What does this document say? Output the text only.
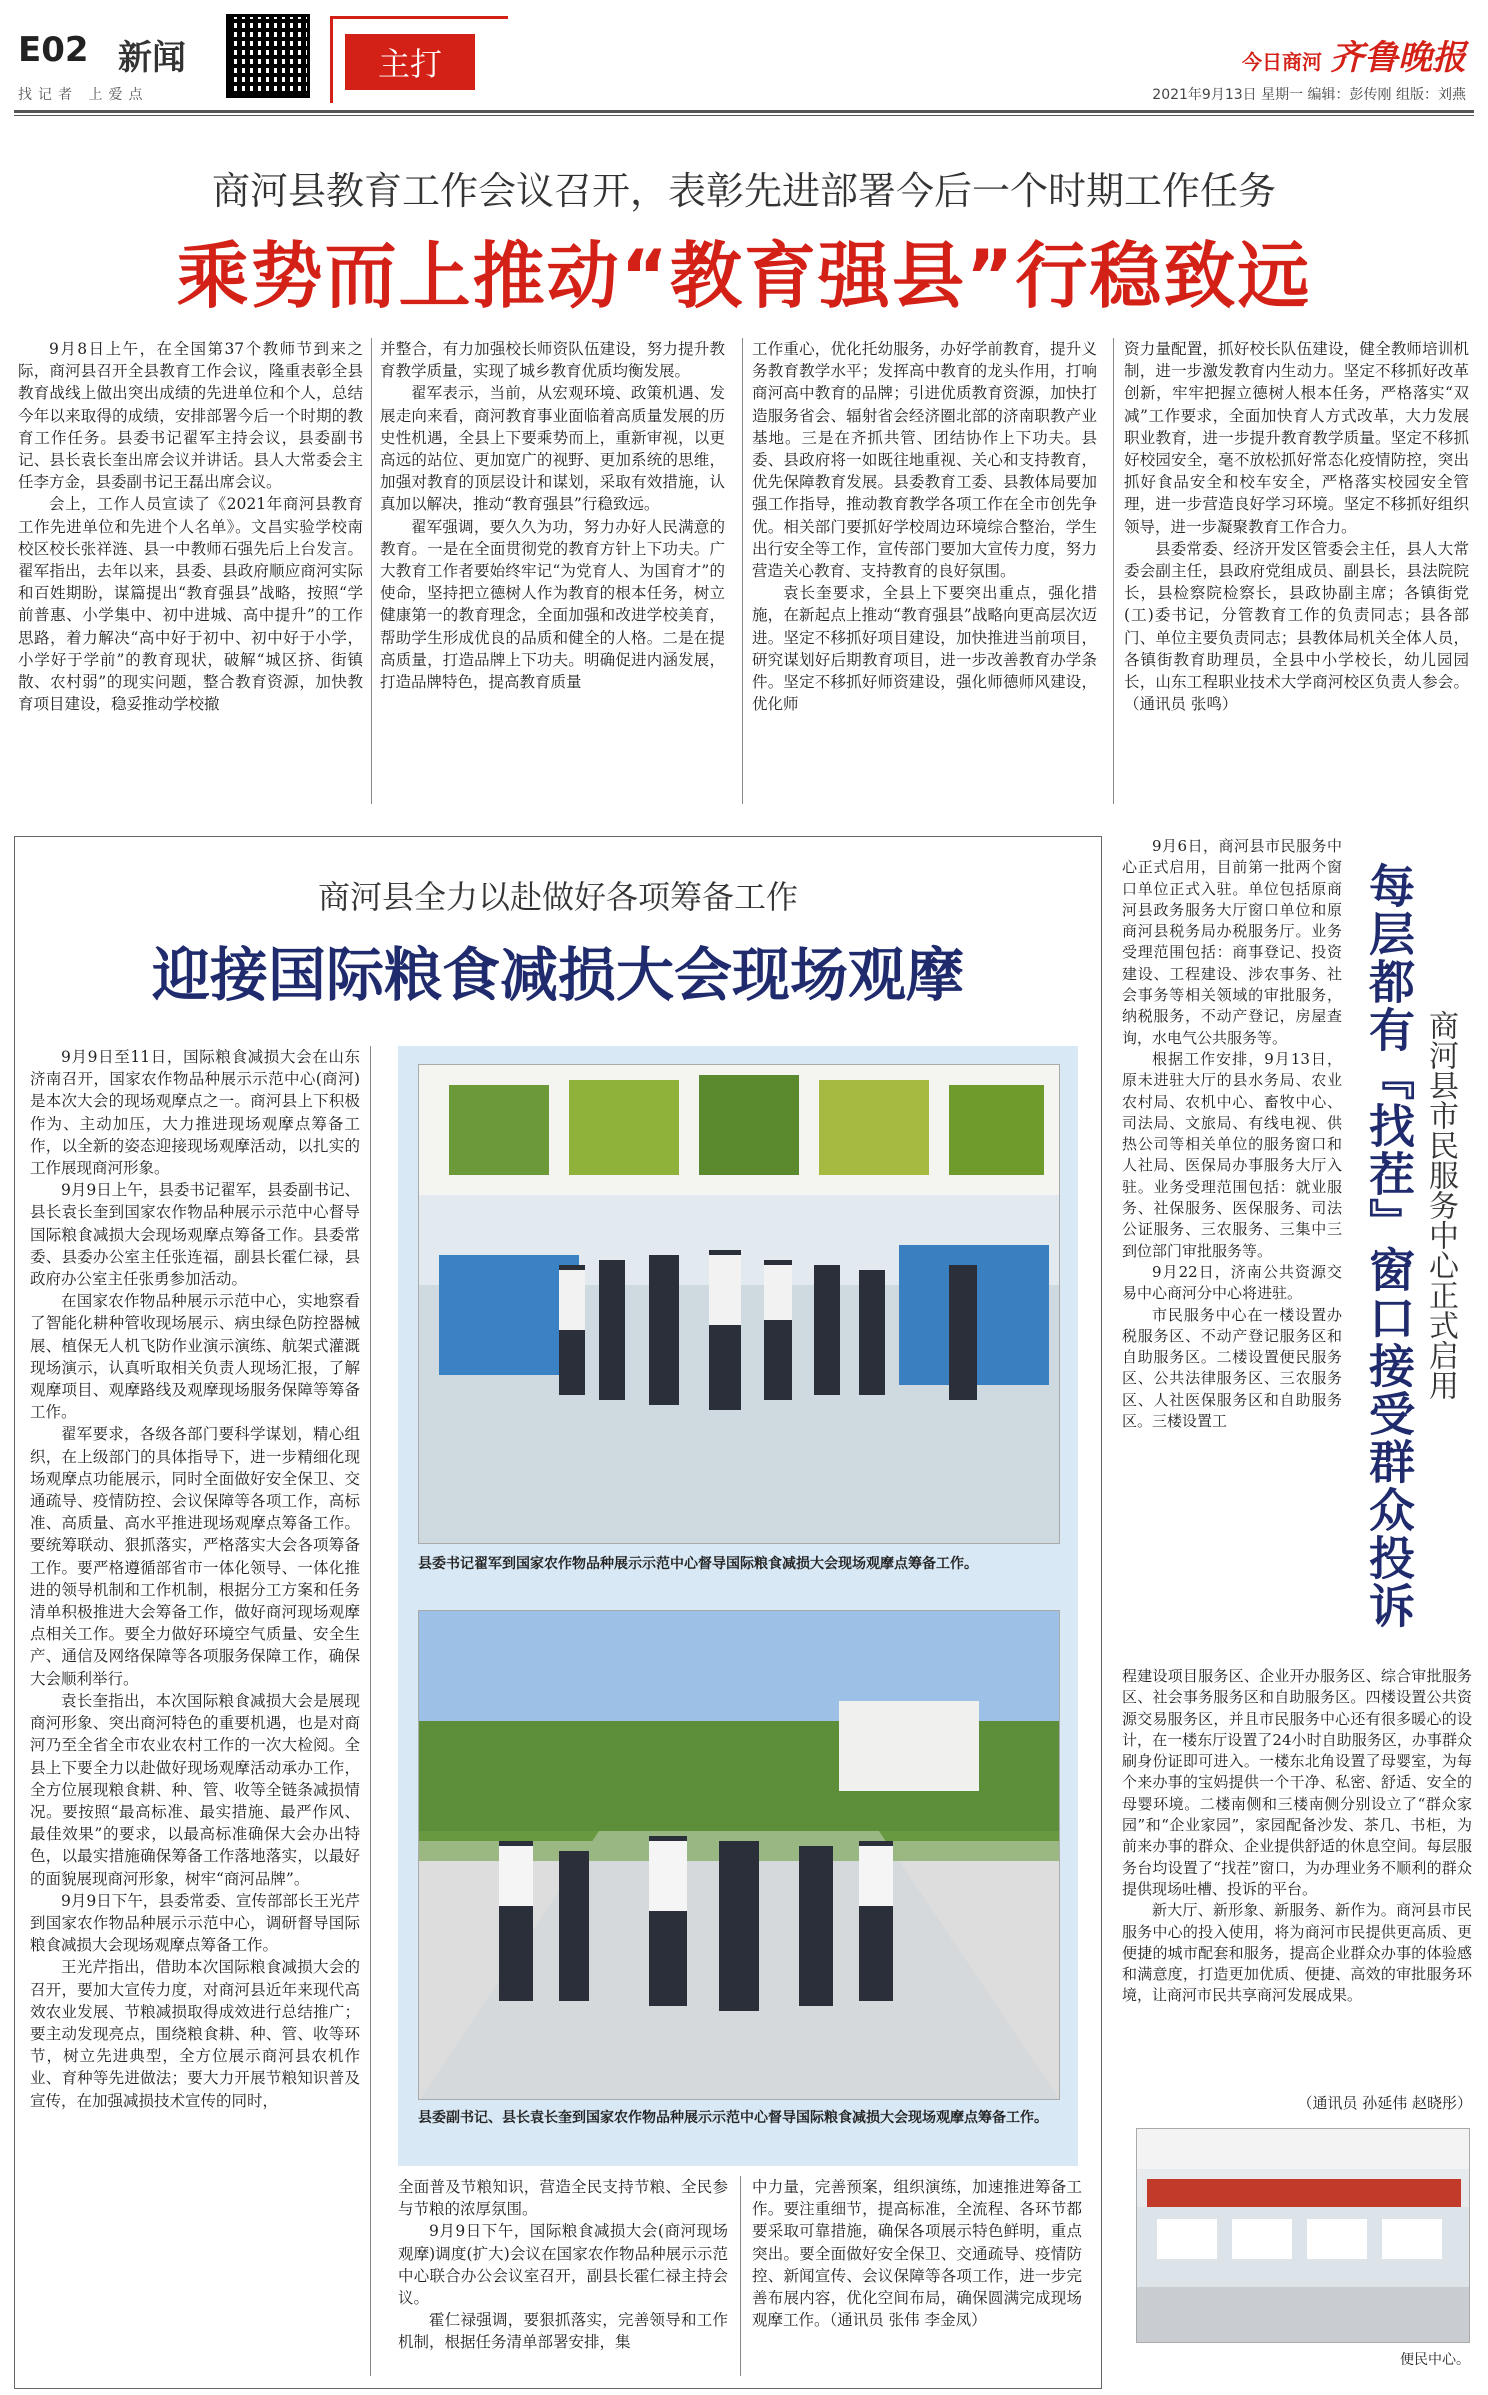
E02 新闻
找记者 上爱点
主打	今日商河 齐鲁晚报
2021年9月13日 星期一 编辑：彭传刚 组版：刘燕
商河县教育工作会议召开，表彰先进部署今后一个时期工作任务
乘势而上推动“教育强县”行稳致远

9月8日上午，在全国第37个教师节到来之际，商河县召开全县教育工作会议，隆重表彰全县教育战线上做出突出成绩的先进单位和个人，总结今年以来取得的成绩，安排部署今后一个时期的教育工作任务。县委书记翟军主持会议，县委副书记、县长袁长奎出席会议并讲话。县人大常委会主任李方金，县委副书记王磊出席会议。

会上，工作人员宣读了《2021年商河县教育工作先进单位和先进个人名单》。文昌实验学校南校区校长张祥涟、县一中教师石强先后上台发言。翟军指出，去年以来，县委、县政府顺应商河实际和百姓期盼，谋篇提出“教育强县”战略，按照“学前普惠、小学集中、初中进城、高中提升”的工作思路，着力解决“高中好于初中、初中好于小学，小学好于学前”的教育现状，破解“城区挤、街镇散、农村弱”的现实问题，整合教育资源，加快教育项目建设，稳妥推动学校撤

并整合，有力加强校长师资队伍建设，努力提升教育教学质量，实现了城乡教育优质均衡发展。

翟军表示，当前，从宏观环境、政策机遇、发展走向来看，商河教育事业面临着高质量发展的历史性机遇，全县上下要乘势而上，重新审视，以更高远的站位、更加宽广的视野、更加系统的思维，加强对教育的顶层设计和谋划，采取有效措施，认真加以解决，推动“教育强县”行稳致远。

翟军强调，要久久为功，努力办好人民满意的教育。一是在全面贯彻党的教育方针上下功夫。广大教育工作者要始终牢记“为党育人、为国育才”的使命，坚持把立德树人作为教育的根本任务，树立健康第一的教育理念，全面加强和改进学校美育，帮助学生形成优良的品质和健全的人格。二是在提高质量，打造品牌上下功夫。明确促进内涵发展，打造品牌特色，提高教育质量

工作重心，优化托幼服务，办好学前教育，提升义务教育教学水平；发挥高中教育的龙头作用，打响商河高中教育的品牌；引进优质教育资源，加快打造服务省会、辐射省会经济圈北部的济南职教产业基地。三是在齐抓共管、团结协作上下功夫。县委、县政府将一如既往地重视、关心和支持教育，优先保障教育发展。县委教育工委、县教体局要加强工作指导，推动教育教学各项工作在全市创先争优。相关部门要抓好学校周边环境综合整治，学生出行安全等工作，宣传部门要加大宣传力度，努力营造关心教育、支持教育的良好氛围。

袁长奎要求，全县上下要突出重点，强化措施，在新起点上推动“教育强县”战略向更高层次迈进。坚定不移抓好项目建设，加快推进当前项目，研究谋划好后期教育项目，进一步改善教育办学条件。坚定不移抓好师资建设，强化师德师风建设，优化师

资力量配置，抓好校长队伍建设，健全教师培训机制，进一步激发教育内生动力。坚定不移抓好改革创新，牢牢把握立德树人根本任务，严格落实“双减”工作要求，全面加快育人方式改革，大力发展职业教育，进一步提升教育教学质量。坚定不移抓好校园安全，毫不放松抓好常态化疫情防控，突出抓好食品安全和校车安全，严格落实校园安全管理，进一步营造良好学习环境。坚定不移抓好组织领导，进一步凝聚教育工作合力。

县委常委、经济开发区管委会主任，县人大常委会副主任，县政府党组成员、副县长，县法院院长，县检察院检察长，县政协副主席；各镇街党(工)委书记，分管教育工作的负责同志；县各部门、单位主要负责同志；县教体局机关全体人员，各镇街教育助理员，全县中小学校长，幼儿园园长，山东工程职业技术大学商河校区负责人参会。（通讯员 张鸣）

商河县全力以赴做好各项筹备工作
迎接国际粮食减损大会现场观摩

9月9日至11日，国际粮食减损大会在山东济南召开，国家农作物品种展示示范中心(商河)是本次大会的现场观摩点之一。商河县上下积极作为、主动加压，大力推进现场观摩点筹备工作，以全新的姿态迎接现场观摩活动，以扎实的工作展现商河形象。

9月9日上午，县委书记翟军，县委副书记、县长袁长奎到国家农作物品种展示示范中心督导国际粮食减损大会现场观摩点筹备工作。县委常委、县委办公室主任张连福，副县长霍仁禄，县政府办公室主任张勇参加活动。

在国家农作物品种展示示范中心，实地察看了智能化耕种管收现场展示、病虫绿色防控器械展、植保无人机飞防作业演示演练、航架式灌溉现场演示，认真听取相关负责人现场汇报，了解观摩项目、观摩路线及观摩现场服务保障等筹备工作。

翟军要求，各级各部门要科学谋划，精心组织，在上级部门的具体指导下，进一步精细化现场观摩点功能展示，同时全面做好安全保卫、交通疏导、疫情防控、会议保障等各项工作，高标准、高质量、高水平推进现场观摩点筹备工作。要统筹联动、狠抓落实，严格落实大会各项筹备工作。要严格遵循部省市一体化领导、一体化推进的领导机制和工作机制，根据分工方案和任务清单积极推进大会筹备工作，做好商河现场观摩点相关工作。要全力做好环境空气质量、安全生产、通信及网络保障等各项服务保障工作，确保大会顺利举行。

袁长奎指出，本次国际粮食减损大会是展现商河形象、突出商河特色的重要机遇，也是对商河乃至全省全市农业农村工作的一次大检阅。全县上下要全力以赴做好现场观摩活动承办工作，全方位展现粮食耕、种、管、收等全链条减损情况。要按照“最高标准、最实措施、最严作风、最佳效果”的要求，以最高标准确保大会办出特色，以最实措施确保筹备工作落地落实，以最好的面貌展现商河形象，树牢“商河品牌”。

9月9日下午，县委常委、宣传部部长王光芹到国家农作物品种展示示范中心，调研督导国际粮食减损大会现场观摩点筹备工作。

王光芹指出，借助本次国际粮食减损大会的召开，要加大宣传力度，对商河县近年来现代高效农业发展、节粮减损取得成效进行总结推广；要主动发现亮点，围绕粮食耕、种、管、收等环节，树立先进典型，全方位展示商河县农机作业、育种等先进做法；要大力开展节粮知识普及宣传，在加强减损技术宣传的同时，

县委书记翟军到国家农作物品种展示示范中心督导国际粮食减损大会现场观摩点筹备工作。
县委副书记、县长袁长奎到国家农作物品种展示示范中心督导国际粮食减损大会现场观摩点筹备工作。

全面普及节粮知识，营造全民支持节粮、全民参与节粮的浓厚氛围。

9月9日下午，国际粮食减损大会(商河现场观摩)调度(扩大)会议在国家农作物品种展示示范中心联合办公会议室召开，副县长霍仁禄主持会议。

霍仁禄强调，要狠抓落实，完善领导和工作机制，根据任务清单部署安排，集

中力量，完善预案，组织演练，加速推进筹备工作。要注重细节，提高标准，全流程、各环节都要采取可靠措施，确保各项展示特色鲜明，重点突出。要全面做好安全保卫、交通疏导、疫情防控、新闻宣传、会议保障等各项工作，进一步完善布展内容，优化空间布局，确保圆满完成现场观摩工作。（通讯员 张伟 李金凤）

9月6日，商河县市民服务中心正式启用，目前第一批两个窗口单位正式入驻。单位包括原商河县政务服务大厅窗口单位和原商河县税务局办税服务厅。业务受理范围包括：商事登记、投资建设、工程建设、涉农事务、社会事务等相关领域的审批服务，纳税服务，不动产登记，房屋查询，水电气公共服务等。

根据工作安排，9月13日，原未进驻大厅的县水务局、农业农村局、农机中心、畜牧中心、司法局、文旅局、有线电视、供热公司等相关单位的服务窗口和人社局、医保局办事服务大厅入驻。业务受理范围包括：就业服务、社保服务、医保服务、司法公证服务、三农服务、三集中三到位部门审批服务等。

9月22日，济南公共资源交易中心商河分中心将进驻。

市民服务中心在一楼设置办税服务区、不动产登记服务区和自助服务区。二楼设置便民服务区、公共法律服务区、三农服务区、人社医保服务区和自助服务区。三楼设置工	每层都有『找茬』窗口接受群众投诉 商河县市民服务中心正式启用

程建设项目服务区、企业开办服务区、综合审批服务区、社会事务服务区和自助服务区。四楼设置公共资源交易服务区，并且市民服务中心还有很多暖心的设计，在一楼东厅设置了24小时自助服务区，办事群众刷身份证即可进入。一楼东北角设置了母婴室，为每个来办事的宝妈提供一个干净、私密、舒适、安全的母婴环境。二楼南侧和三楼南侧分别设立了“群众家园”和“企业家园”，家园配备沙发、茶几、书柜，为前来办事的群众、企业提供舒适的休息空间。每层服务台均设置了“找茬”窗口，为办理业务不顺利的群众提供现场吐槽、投诉的平台。

新大厅、新形象、新服务、新作为。商河县市民服务中心的投入使用，将为商河市民提供更高质、更便捷的城市配套和服务，提高企业群众办事的体验感和满意度，打造更加优质、便捷、高效的审批服务环境，让商河市民共享商河发展成果。

（通讯员 孙延伟 赵晓彤）
便民中心。
